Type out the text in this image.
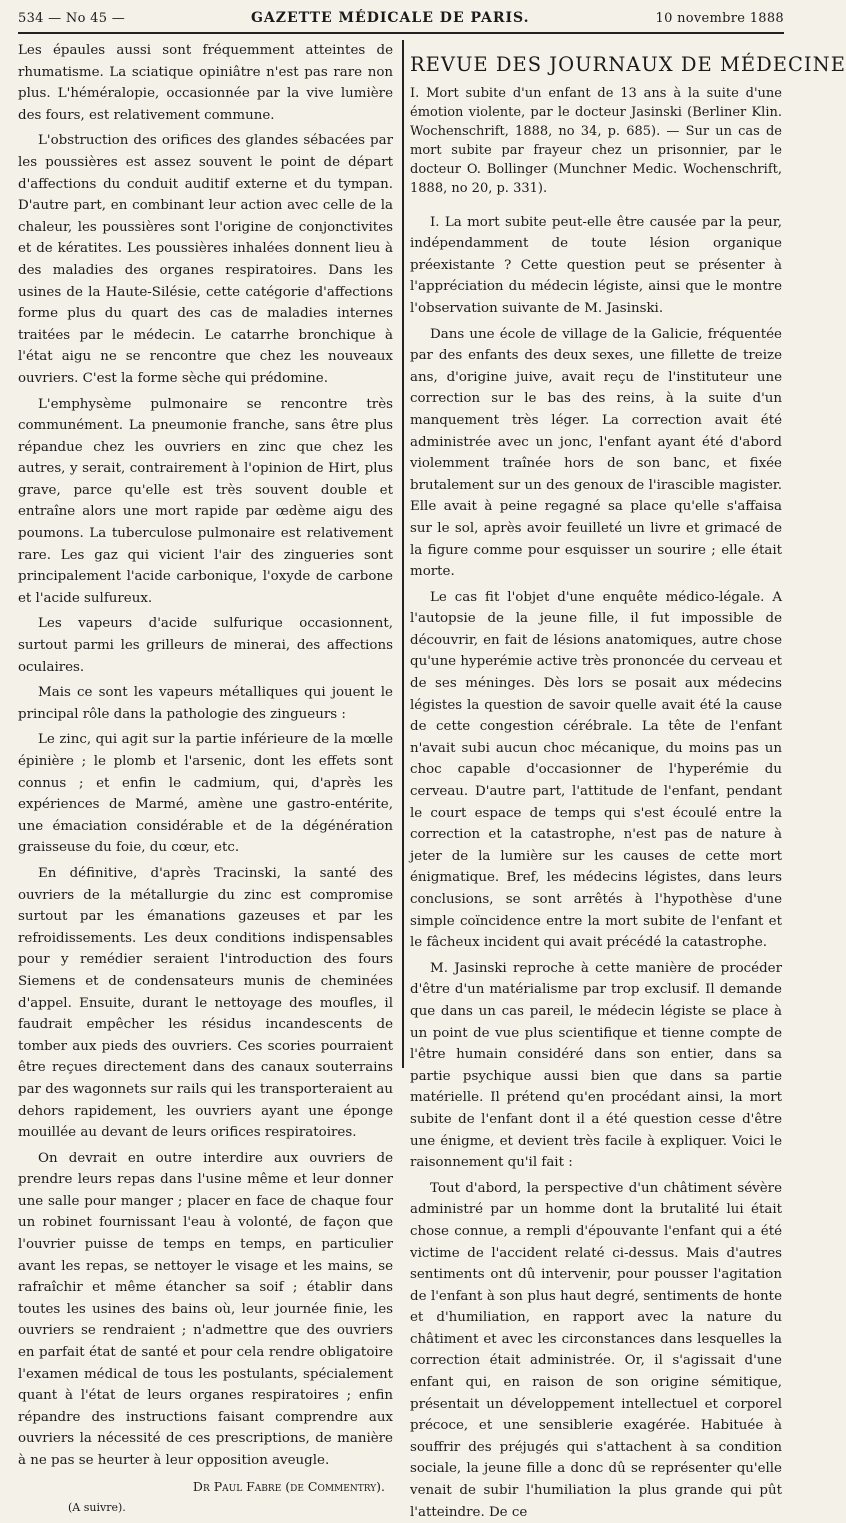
534 — No 45 —	GAZETTE MÉDICALE DE PARIS.	10 novembre 1888

Les épaules aussi sont fréquemment atteintes de rhumatisme. La sciatique opiniâtre n'est pas rare non plus. L'héméralopie, occasionnée par la vive lumière des fours, est relativement commune.

L'obstruction des orifices des glandes sébacées par les poussières est assez souvent le point de départ d'affections du conduit auditif externe et du tympan. D'autre part, en combinant leur action avec celle de la chaleur, les poussières sont l'origine de conjonctivites et de kératites. Les poussières inhalées donnent lieu à des maladies des organes respiratoires. Dans les usines de la Haute-Silésie, cette catégorie d'affections forme plus du quart des cas de maladies internes traitées par le médecin. Le catarrhe bronchique à l'état aigu ne se rencontre que chez les nouveaux ouvriers. C'est la forme sèche qui prédomine.

L'emphysème pulmonaire se rencontre très communément. La pneumonie franche, sans être plus répandue chez les ouvriers en zinc que chez les autres, y serait, contrairement à l'opinion de Hirt, plus grave, parce qu'elle est très souvent double et entraîne alors une mort rapide par œdème aigu des poumons. La tuberculose pulmonaire est relativement rare. Les gaz qui vicient l'air des zingueries sont principalement l'acide carbonique, l'oxyde de carbone et l'acide sulfureux.

Les vapeurs d'acide sulfurique occasionnent, surtout parmi les grilleurs de minerai, des affections oculaires.

Mais ce sont les vapeurs métalliques qui jouent le principal rôle dans la pathologie des zingueurs :

Le zinc, qui agit sur la partie inférieure de la mœlle épinière ; le plomb et l'arsenic, dont les effets sont connus ; et enfin le cadmium, qui, d'après les expériences de Marmé, amène une gastro-entérite, une émaciation considérable et de la dégénération graisseuse du foie, du cœur, etc.

En définitive, d'après Tracinski, la santé des ouvriers de la métallurgie du zinc est compromise surtout par les émanations gazeuses et par les refroidissements. Les deux conditions indispensables pour y remédier seraient l'introduction des fours Siemens et de condensateurs munis de cheminées d'appel. Ensuite, durant le nettoyage des moufles, il faudrait empêcher les résidus incandescents de tomber aux pieds des ouvriers. Ces scories pourraient être reçues directement dans des canaux souterrains par des wagonnets sur rails qui les transporteraient au dehors rapidement, les ouvriers ayant une éponge mouillée au devant de leurs orifices respiratoires.

On devrait en outre interdire aux ouvriers de prendre leurs repas dans l'usine même et leur donner une salle pour manger ; placer en face de chaque four un robinet fournissant l'eau à volonté, de façon que l'ouvrier puisse de temps en temps, en particulier avant les repas, se nettoyer le visage et les mains, se rafraîchir et même étancher sa soif ; établir dans toutes les usines des bains où, leur journée finie, les ouvriers se rendraient ; n'admettre que des ouvriers en parfait état de santé et pour cela rendre obligatoire l'examen médical de tous les postulants, spécialement quant à l'état de leurs organes respiratoires ; enfin répandre des instructions faisant comprendre aux ouvriers la nécessité de ces prescriptions, de manière à ne pas se heurter à leur opposition aveugle.

Dr Paul Fabre (de Commentry).
(A suivre).
REVUE DES JOURNAUX DE MÉDECINE

I. Mort subite d'un enfant de 13 ans à la suite d'une émotion violente, par le docteur Jasinski (Berliner Klin. Wochenschrift, 1888, no 34, p. 685). — Sur un cas de mort subite par frayeur chez un prisonnier, par le docteur O. Bollinger (Munchner Medic. Wochenschrift, 1888, no 20, p. 331).

I. La mort subite peut-elle être causée par la peur, indépendamment de toute lésion organique préexistante ? Cette question peut se présenter à l'appréciation du médecin légiste, ainsi que le montre l'observation suivante de M. Jasinski.

Dans une école de village de la Galicie, fréquentée par des enfants des deux sexes, une fillette de treize ans, d'origine juive, avait reçu de l'instituteur une correction sur le bas des reins, à la suite d'un manquement très léger. La correction avait été administrée avec un jonc, l'enfant ayant été d'abord violemment traînée hors de son banc, et fixée brutalement sur un des genoux de l'irascible magister. Elle avait à peine regagné sa place qu'elle s'affaisa sur le sol, après avoir feuilleté un livre et grimacé de la figure comme pour esquisser un sourire ; elle était morte.

Le cas fit l'objet d'une enquête médico-légale. A l'autopsie de la jeune fille, il fut impossible de découvrir, en fait de lésions anatomiques, autre chose qu'une hyperémie active très prononcée du cerveau et de ses méninges. Dès lors se posait aux médecins légistes la question de savoir quelle avait été la cause de cette congestion cérébrale. La tête de l'enfant n'avait subi aucun choc mécanique, du moins pas un choc capable d'occasionner de l'hyperémie du cerveau. D'autre part, l'attitude de l'enfant, pendant le court espace de temps qui s'est écoulé entre la correction et la catastrophe, n'est pas de nature à jeter de la lumière sur les causes de cette mort énigmatique. Bref, les médecins légistes, dans leurs conclusions, se sont arrêtés à l'hypothèse d'une simple coïncidence entre la mort subite de l'enfant et le fâcheux incident qui avait précédé la catastrophe.

M. Jasinski reproche à cette manière de procéder d'être d'un matérialisme par trop exclusif. Il demande que dans un cas pareil, le médecin légiste se place à un point de vue plus scientifique et tienne compte de l'être humain considéré dans son entier, dans sa partie psychique aussi bien que dans sa partie matérielle. Il prétend qu'en procédant ainsi, la mort subite de l'enfant dont il a été question cesse d'être une énigme, et devient très facile à expliquer. Voici le raisonnement qu'il fait :

Tout d'abord, la perspective d'un châtiment sévère administré par un homme dont la brutalité lui était chose connue, a rempli d'épouvante l'enfant qui a été victime de l'accident relaté ci-dessus. Mais d'autres sentiments ont dû intervenir, pour pousser l'agitation de l'enfant à son plus haut degré, sentiments de honte et d'humiliation, en rapport avec la nature du châtiment et avec les circonstances dans lesquelles la correction était administrée. Or, il s'agissait d'une enfant qui, en raison de son origine sémitique, présentait un développement intellectuel et corporel précoce, et une sensiblerie exagérée. Habituée à souffrir des préjugés qui s'attachent à sa condition sociale, la jeune fille a donc dû se représenter qu'elle venait de subir l'humiliation la plus grande qui pût l'atteindre. De ce
